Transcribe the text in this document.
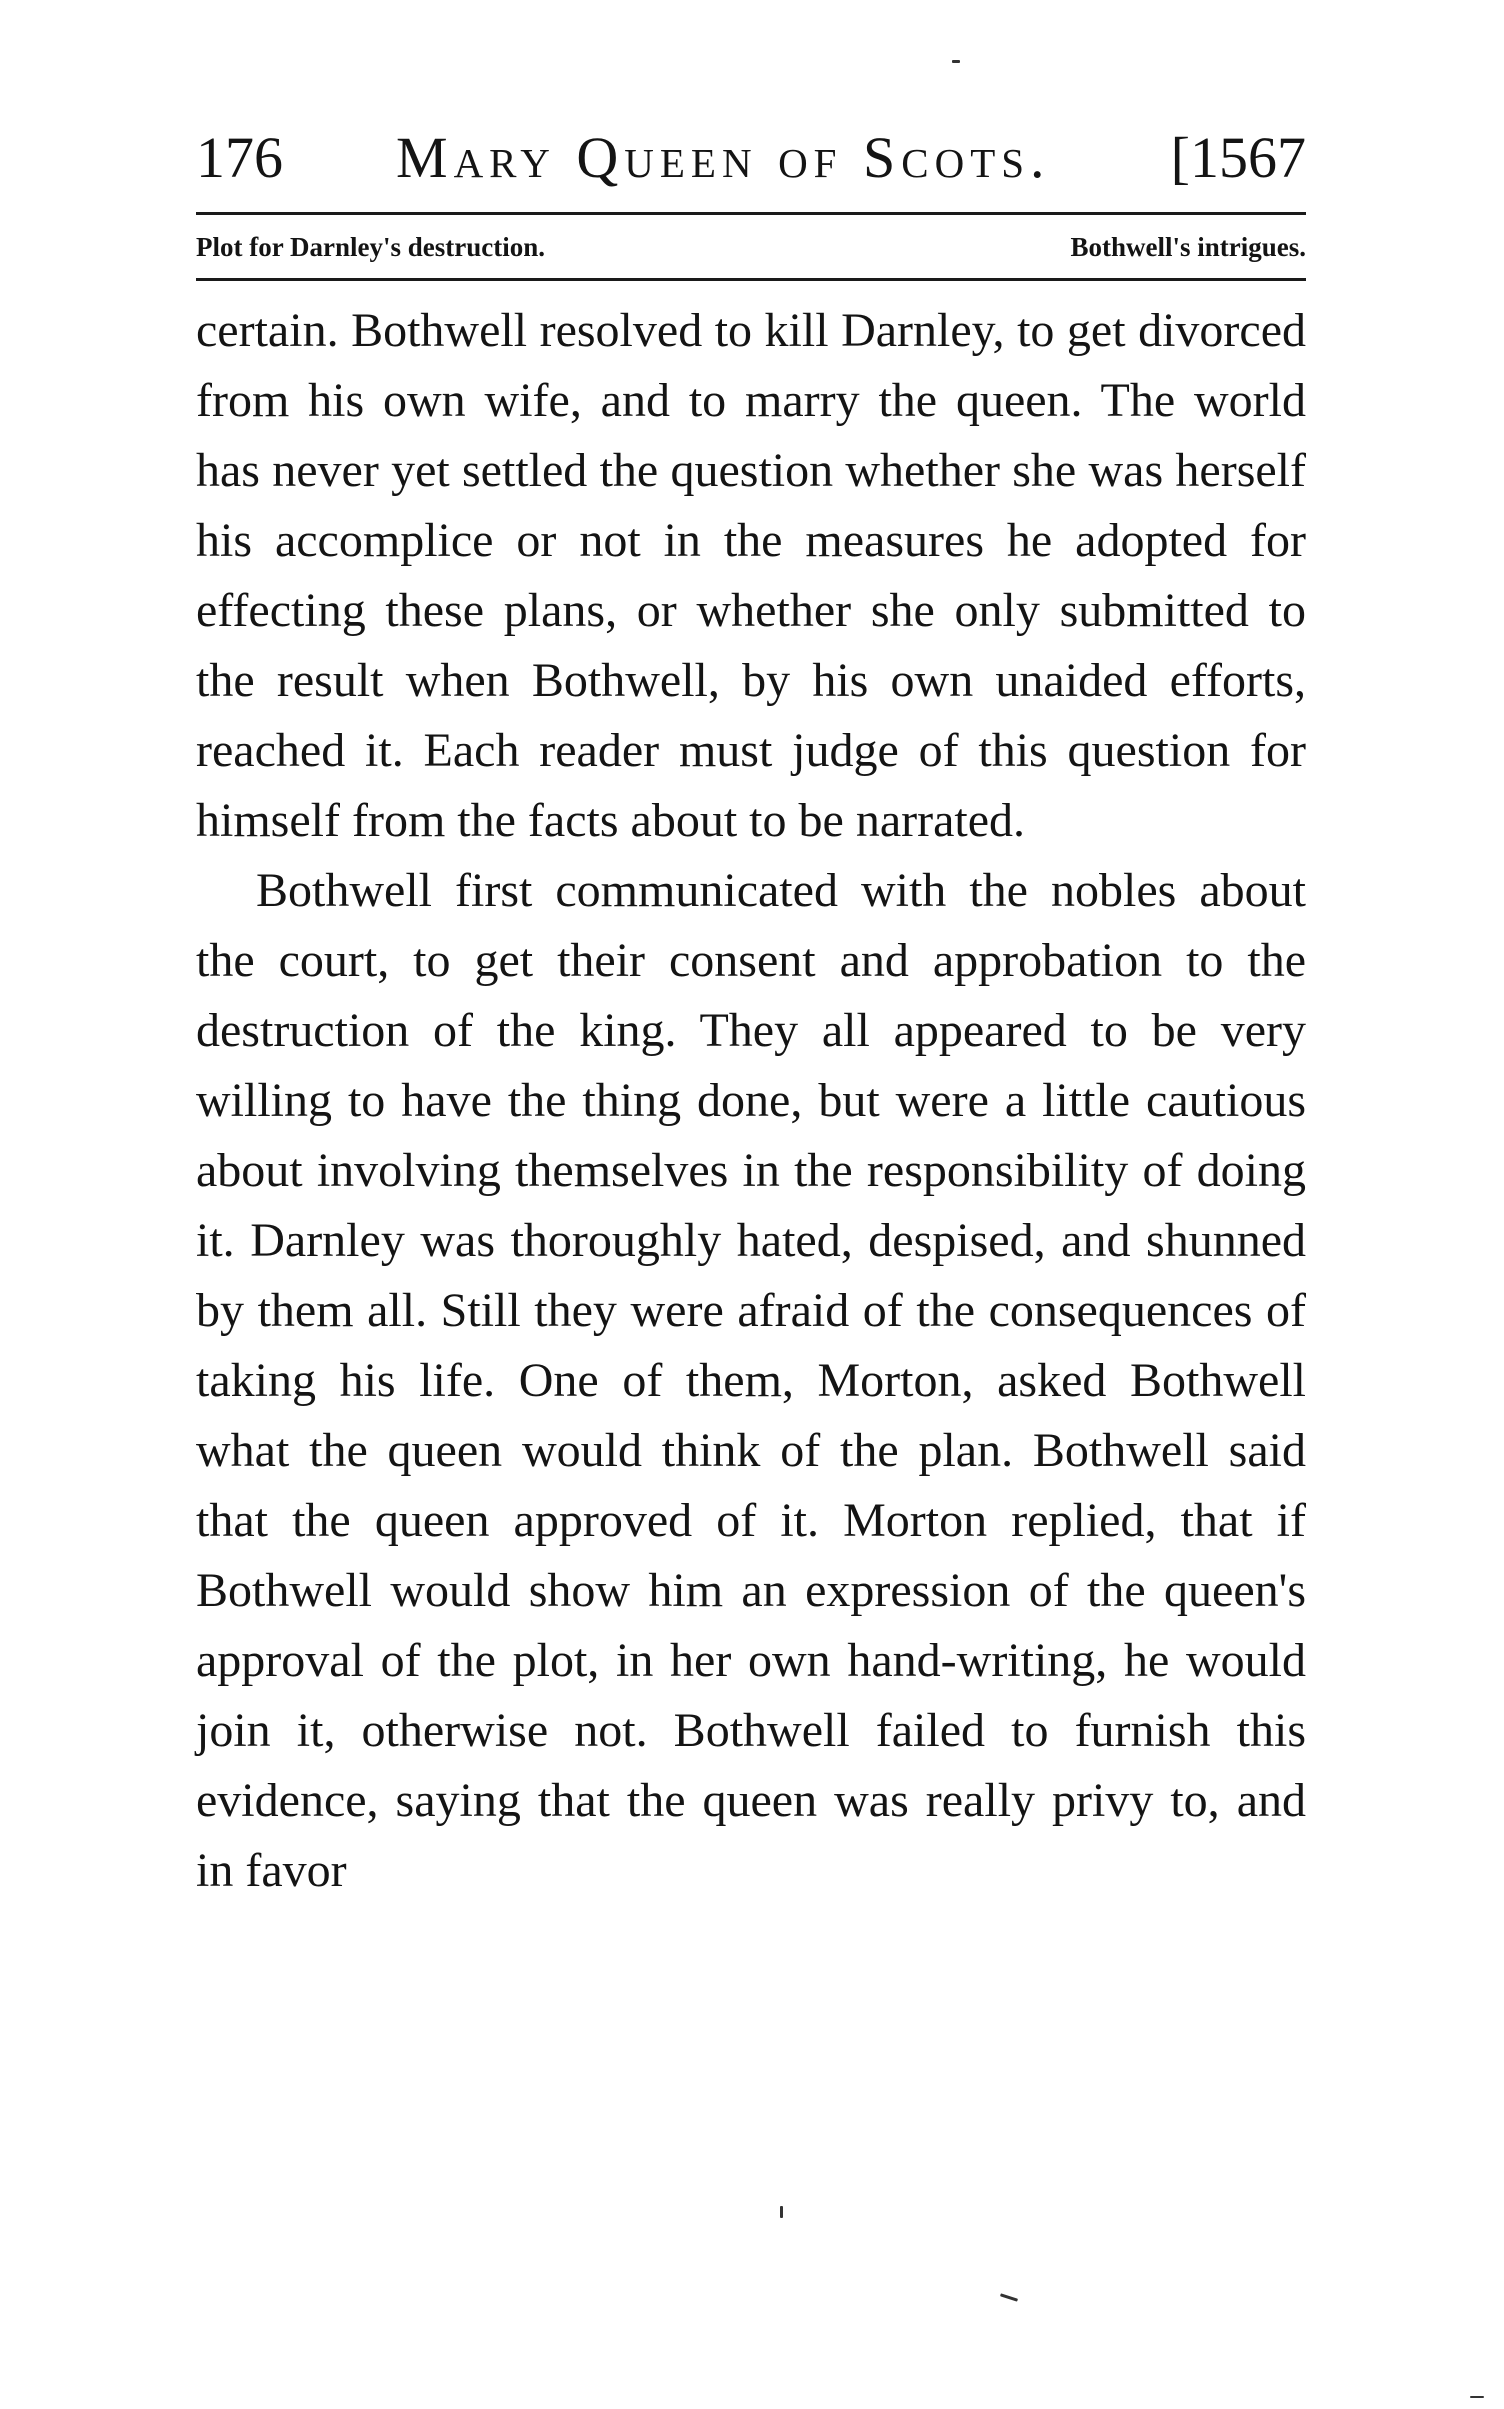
176 Mary Queen of Scots. [1567
Plot for Darnley's destruction.	Bothwell's intrigues.

certain. Bothwell resolved to kill Darnley, to get divorced from his own wife, and to marry the queen. The world has never yet settled the question whether she was herself his accomplice or not in the measures he adopted for effecting these plans, or whether she only submitted to the result when Bothwell, by his own unaided efforts, reached it. Each reader must judge of this question for himself from the facts about to be narrated.

Bothwell first communicated with the nobles about the court, to get their consent and approbation to the destruction of the king. They all appeared to be very willing to have the thing done, but were a little cautious about involving themselves in the responsibility of doing it. Darnley was thoroughly hated, despised, and shunned by them all. Still they were afraid of the consequences of taking his life. One of them, Morton, asked Bothwell what the queen would think of the plan. Bothwell said that the queen approved of it. Morton replied, that if Bothwell would show him an expression of the queen's approval of the plot, in her own hand-writing, he would join it, otherwise not. Bothwell failed to furnish this evidence, saying that the queen was really privy to, and in favor
